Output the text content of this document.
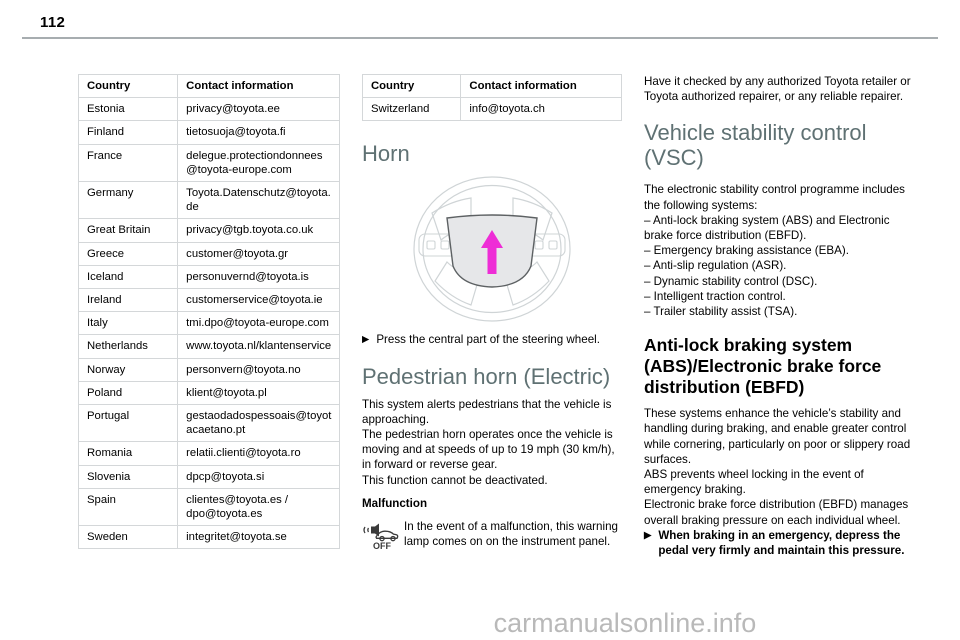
112
Country	Contact information
Estonia	privacy@toyota.ee
Finland	tietosuoja@toyota.fi
France	delegue.protectiondonnees@toyota-europe.com
Germany	Toyota.Datenschutz@toyota.de
Great Britain	privacy@tgb.toyota.co.uk
Greece	customer@toyota.gr
Iceland	personuvernd@toyota.is
Ireland	customerservice@toyota.ie
Italy	tmi.dpo@toyota-europe.com
Netherlands	www.toyota.nl/klantenservice
Norway	personvern@toyota.no
Poland	klient@toyota.pl
Portugal	gestaodadospessoais@toyotacaetano.pt
Romania	relatii.clienti@toyota.ro
Slovenia	dpcp@toyota.si
Spain	clientes@toyota.es / dpo@toyota.es
Sweden	integritet@toyota.se
Country	Contact information
Switzerland	info@toyota.ch
Horn
▶ Press the central part of the steering wheel.
Pedestrian horn (Electric)

This system alerts pedestrians that the vehicle is approaching.

The pedestrian horn operates once the vehicle is moving and at speeds of up to 19 mph (30 km/h), in forward or reverse gear.

This function cannot be deactivated.

Malfunction

OFF
In the event of a malfunction, this warning lamp comes on on the instrument panel.

Have it checked by any authorized Toyota retailer or Toyota authorized repairer, or any reliable repairer.

Vehicle stability control (VSC)

The electronic stability control programme includes the following systems:

– Anti-lock braking system (ABS) and Electronic brake force distribution (EBFD).

– Emergency braking assistance (EBA).

– Anti-slip regulation (ASR).

– Dynamic stability control (DSC).

– Intelligent traction control.

– Trailer stability assist (TSA).

Anti-lock braking system (ABS)/Electronic brake force distribution (EBFD)

These systems enhance the vehicle’s stability and handling during braking, and enable greater control while cornering, particularly on poor or slippery road surfaces.

ABS prevents wheel locking in the event of emergency braking.

Electronic brake force distribution (EBFD) manages overall braking pressure on each individual wheel.

▶ When braking in an emergency, depress the pedal very firmly and maintain this pressure.
carmanualsonline.info
